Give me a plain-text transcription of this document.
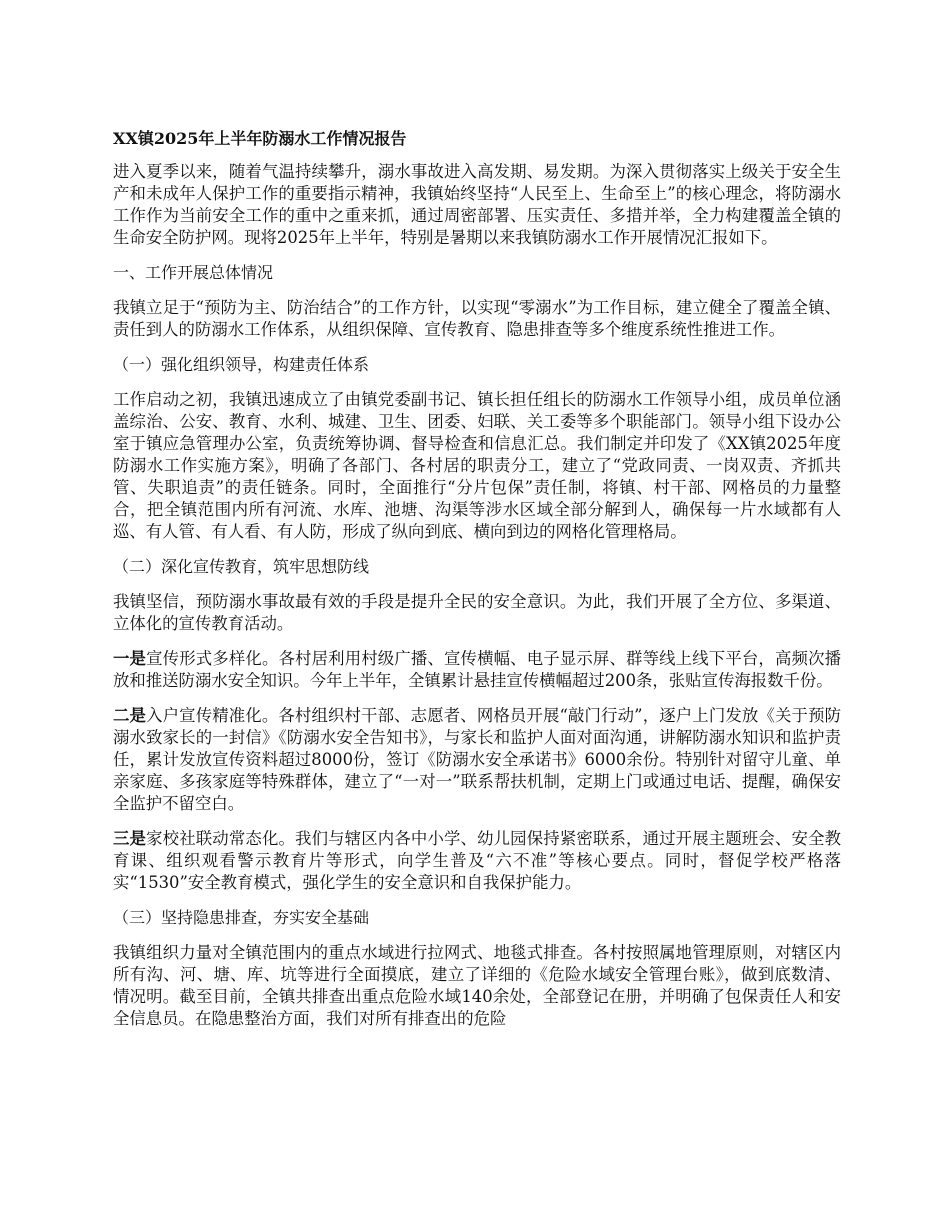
XX镇2025年上半年防溺水工作情况报告

进入夏季以来，随着气温持续攀升，溺水事故进入高发期、易发期。为深入贯彻落实上级关于安全生产和未成年人保护工作的重要指示精神，我镇始终坚持“人民至上、生命至上”的核心理念，将防溺水工作作为当前安全工作的重中之重来抓，通过周密部署、压实责任、多措并举，全力构建覆盖全镇的生命安全防护网。现将2025年上半年，特别是暑期以来我镇防溺水工作开展情况汇报如下。

一、工作开展总体情况

我镇立足于“预防为主、防治结合”的工作方针，以实现“零溺水”为工作目标，建立健全了覆盖全镇、责任到人的防溺水工作体系，从组织保障、宣传教育、隐患排查等多个维度系统性推进工作。

（一）强化组织领导，构建责任体系

工作启动之初，我镇迅速成立了由镇党委副书记、镇长担任组长的防溺水工作领导小组，成员单位涵盖综治、公安、教育、水利、城建、卫生、团委、妇联、关工委等多个职能部门。领导小组下设办公室于镇应急管理办公室，负责统筹协调、督导检查和信息汇总。我们制定并印发了《XX镇2025年度防溺水工作实施方案》，明确了各部门、各村居的职责分工，建立了“党政同责、一岗双责、齐抓共管、失职追责”的责任链条。同时，全面推行“分片包保”责任制，将镇、村干部、网格员的力量整合，把全镇范围内所有河流、水库、池塘、沟渠等涉水区域全部分解到人，确保每一片水域都有人巡、有人管、有人看、有人防，形成了纵向到底、横向到边的网格化管理格局。

（二）深化宣传教育，筑牢思想防线

我镇坚信，预防溺水事故最有效的手段是提升全民的安全意识。为此，我们开展了全方位、多渠道、立体化的宣传教育活动。

一是宣传形式多样化。各村居利用村级广播、宣传横幅、电子显示屏、群等线上线下平台，高频次播放和推送防溺水安全知识。今年上半年，全镇累计悬挂宣传横幅超过200条，张贴宣传海报数千份。

二是入户宣传精准化。各村组织村干部、志愿者、网格员开展“敲门行动”，逐户上门发放《关于预防溺水致家长的一封信》《防溺水安全告知书》，与家长和监护人面对面沟通，讲解防溺水知识和监护责任，累计发放宣传资料超过8000份，签订《防溺水安全承诺书》6000余份。特别针对留守儿童、单亲家庭、多孩家庭等特殊群体，建立了“一对一”联系帮扶机制，定期上门或通过电话、提醒，确保安全监护不留空白。

三是家校社联动常态化。我们与辖区内各中小学、幼儿园保持紧密联系，通过开展主题班会、安全教育课、组织观看警示教育片等形式，向学生普及“六不准”等核心要点。同时，督促学校严格落实“1530”安全教育模式，强化学生的安全意识和自我保护能力。

（三）坚持隐患排查，夯实安全基础

我镇组织力量对全镇范围内的重点水域进行拉网式、地毯式排查。各村按照属地管理原则，对辖区内所有沟、河、塘、库、坑等进行全面摸底，建立了详细的《危险水域安全管理台账》，做到底数清、情况明。截至目前，全镇共排查出重点危险水域140余处，全部登记在册，并明确了包保责任人和安全信息员。在隐患整治方面，我们对所有排查出的危险
